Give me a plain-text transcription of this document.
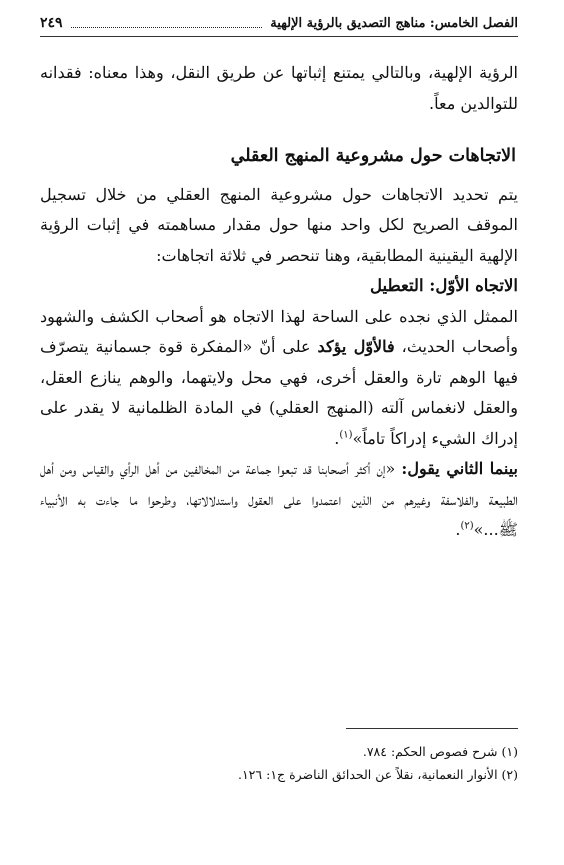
الفصل الخامس: مناهج التصديق بالرؤية الإلهية
٢٤٩

الرؤية الإلهية، وبالتالي يمتنع إثباتها عن طريق النقل، وهذا معناه: فقدانه للتوالدين معاً.

الاتجاهات حول مشروعية المنهج العقلي

يتم تحديد الاتجاهات حول مشروعية المنهج العقلي من خلال تسجيل الموقف الصريح لكل واحد منها حول مقدار مساهمته في إثبات الرؤية الإلهية اليقينية المطابقية، وهنا تنحصر في ثلاثة اتجاهات:

الاتجاه الأوّل: التعطيل

الممثل الذي نجده على الساحة لهذا الاتجاه هو أصحاب الكشف والشهود وأصحاب الحديث، فالأوّل يؤكد على أنّ «المفكرة قوة جسمانية يتصرّف فيها الوهم تارة والعقل أخرى، فهي محل ولايتهما، والوهم ينازع العقل، والعقل لانغماس آلته (المنهج العقلي) في المادة الظلمانية لا يقدر على إدراك الشيء إدراكاً تاماً»$^{(١)}$.

بينما الثاني يقول: «إن أكثر أصحابنا قد تبعوا جماعة من المخالفين من أهل الرأي والقياس ومن أهل الطبيعة والفلاسفة وغيرهم من الذين اعتمدوا على العقول واستدلالاتها، وطرحوا ما جاءت به الأنبياء ﷺ...»$^{(٢)}$.

(١) شرح فصوص الحكم: ٧٨٤.

(٢) الأنوار النعمانية، نقلاً عن الحدائق الناضرة ج١: ١٢٦.
